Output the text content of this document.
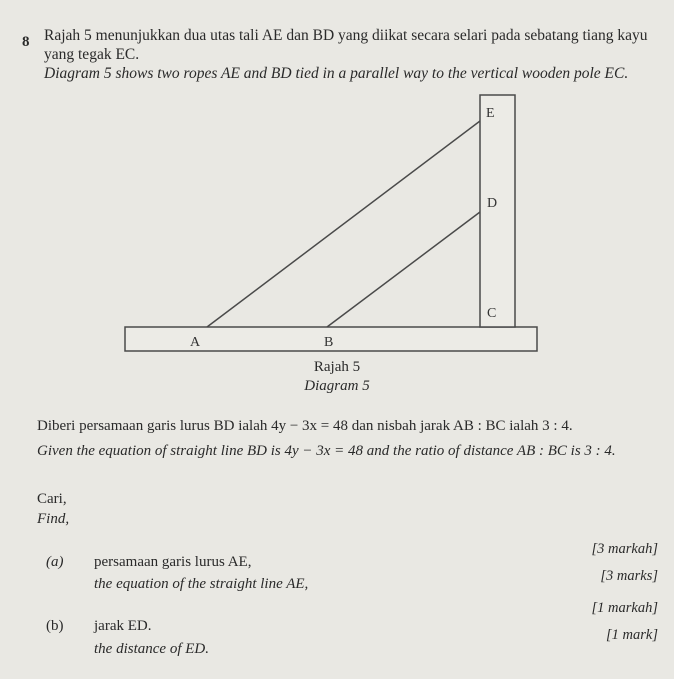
8 Rajah 5 menunjukkan dua utas tali AE dan BD yang diikat secara selari pada sebatang tiang kayu
yang tegak EC.
Diagram 5 shows two ropes AE and BD tied in a parallel way to the vertical wooden pole EC.
E
D
C
A	B
Rajah 5
Diagram 5
Diberi persamaan garis lurus BD ialah 4y − 3x = 48 dan nisbah jarak AB : BC ialah 3 : 4.
Given the equation of straight line BD is 4y − 3x = 48 and the ratio of distance AB : BC is 3 : 4.
Cari,
Find,
(a) persamaan garis lurus AE,
the equation of the straight line AE,
[3 markah]
[3 marks]
(b) jarak ED.
the distance of ED.
[1 markah]
[1 mark]
